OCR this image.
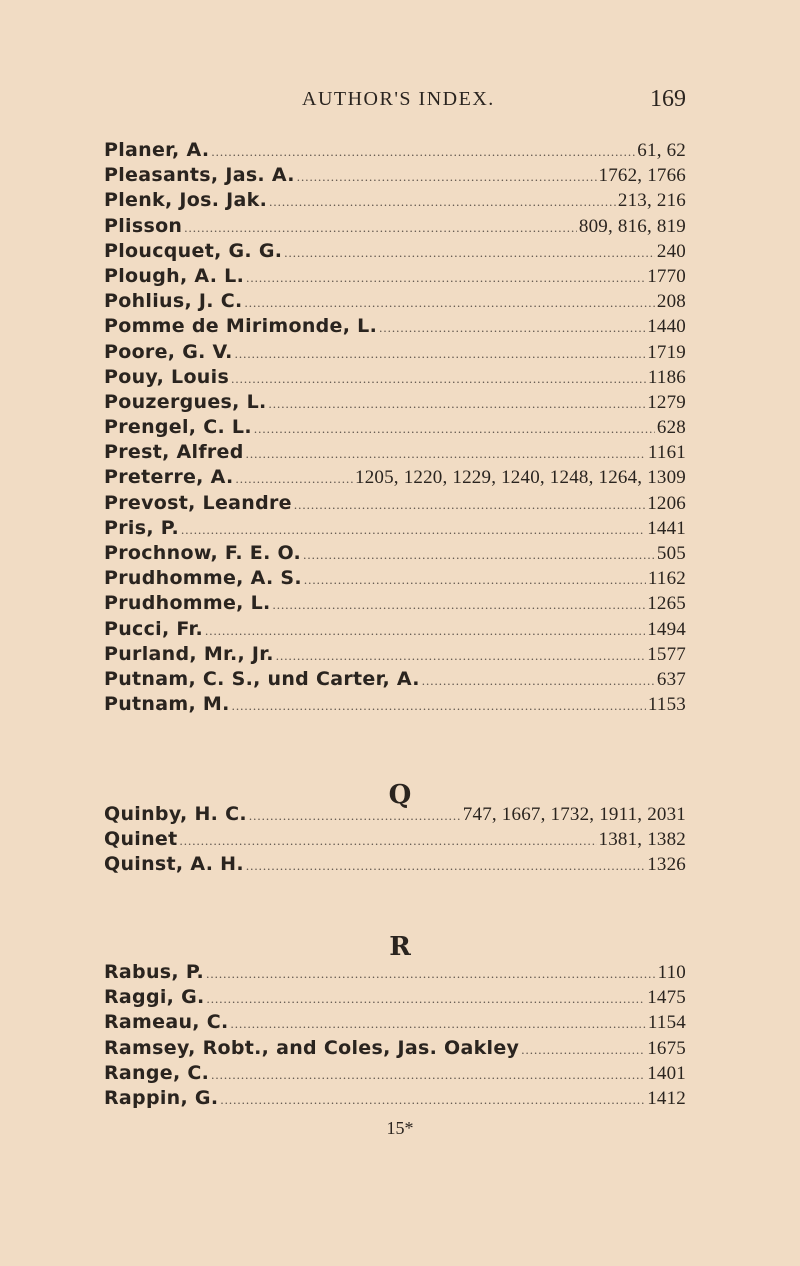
AUTHOR'S INDEX.	169
Planer, A. .....	61, 62
Pleasants, Jas. A. .....	1762, 1766
Plenk, Jos. Jak. .....	213, 216
Plisson .....	809, 816, 819
Ploucquet, G. G. .....	240
Plough, A. L. .....	1770
Pohlius, J. C. .....	208
Pomme de Mirimonde, L. .....	1440
Poore, G. V. .....	1719
Pouy, Louis .....	1186
Pouzergues, L. .....	1279
Prengel, C. L. .....	628
Prest, Alfred .....	1161
Preterre, A. .....	1205, 1220, 1229, 1240, 1248, 1264, 1309
Prevost, Leandre .....	1206
Pris, P. .....	1441
Prochnow, F. E. O. .....	505
Prudhomme, A. S. .....	1162
Prudhomme, L. .....	1265
Pucci, Fr. .....	1494
Purland, Mr., Jr. .....	1577
Putnam, C. S., und Carter, A. .....	637
Putnam, M. .....	1153
Q
Quinby, H. C. .....	747, 1667, 1732, 1911, 2031
Quinet .....	1381, 1382
Quinst, A. H. .....	1326
R
Rabus, P. .....	110
Raggi, G. .....	1475
Rameau, C. .....	1154
Ramsey, Robt., and Coles, Jas. Oakley .....	1675
Range, C. .....	1401
Rappin, G. .....	1412
15*
